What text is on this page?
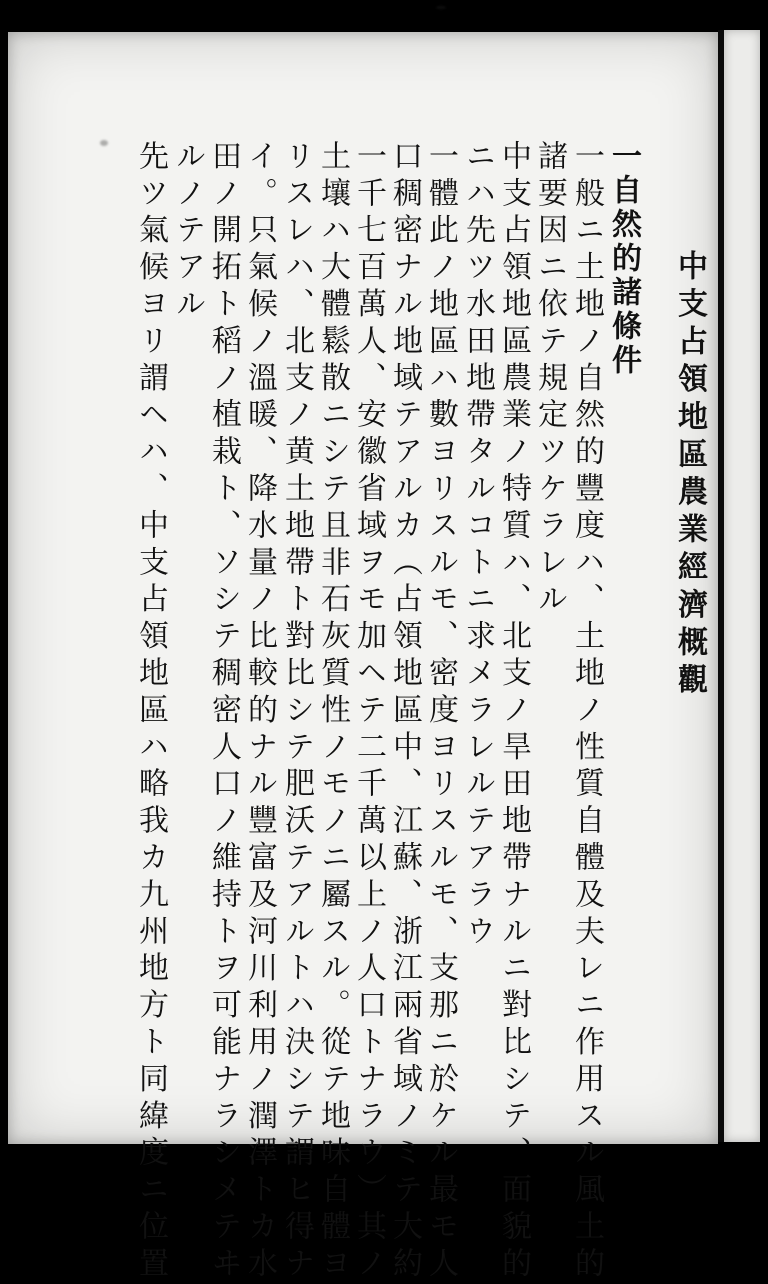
中支占領地區農業經濟概觀
一自然的諸條件
一般ニ土地ノ自然的豐度ハ、土地ノ性質自體及夫レニ作用スル風土的
諸要因ニ依テ規定ツケラレル
中支占領地區農業ノ特質ハ、北支ノ旱田地帶ナルニ對比シテ、面貌的
ニハ先ツ水田地帶タルコトニ求メラレルテアラウ
一體此ノ地區ハ數ヨリスルモ、密度ヨリスルモ、支那ニ於ケル最モ人
口稠密ナル地域テアルカ（占領地區中、江蘇、浙江兩省域ノミテ大約
一千七百萬人、安徽省域ヲモ加ヘテ二千萬以上ノ人口トナラウ）其ノ
土壤ハ大體鬆散ニシテ且非石灰質性ノモノニ屬スル。從テ地味自體ヨ
リスレハ、北支ノ黄土地帶ト對比シテ肥沃テアルトハ決シテ謂ヒ得ナ
イ。只氣候ノ溫暖、降水量ノ比較的ナル豐富及河川利用ノ潤澤トカ水
田ノ開拓ト稻ノ植栽ト、ソシテ稠密人口ノ維持トヲ可能ナラシメテヰ
ルノテアル
先ツ氣候ヨリ謂ヘハ、中支占領地區ハ略我カ九州地方ト同緯度ニ位置
